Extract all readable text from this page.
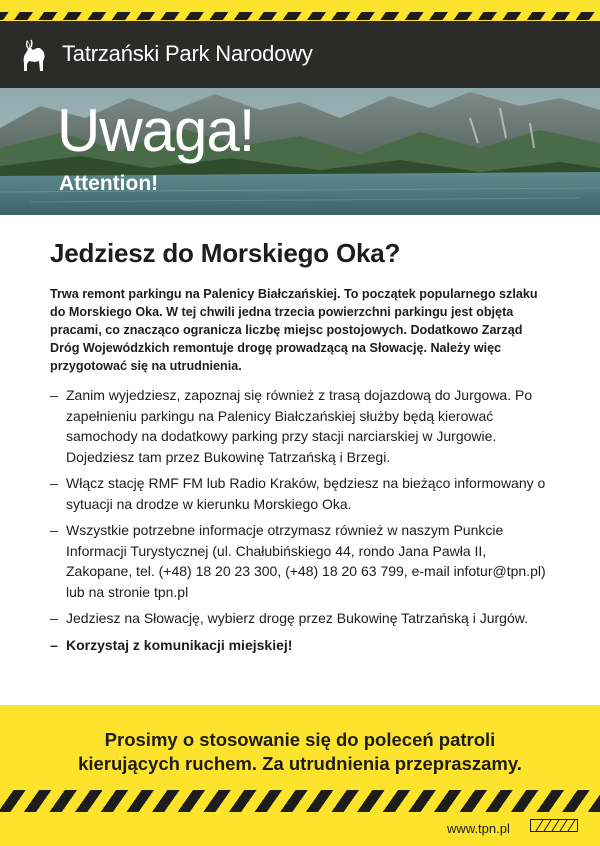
Tatrzański Park Narodowy
Uwaga!
Attention!
Jedziesz do Morskiego Oka?

Trwa remont parkingu na Palenicy Białczańskiej. To początek popularnego szlaku do Morskiego Oka. W tej chwili jedna trzecia powierzchni parkingu jest objęta pracami, co znacząco ogranicza liczbę miejsc postojowych. Dodatkowo Zarząd Dróg Wojewódzkich remontuje drogę prowadzącą na Słowację. Należy więc przygotować się na utrudnienia.

– Zanim wyjedziesz, zapoznaj się również z trasą dojazdową do Jurgowa. Po zapełnieniu parkingu na Palenicy Białczańskiej służby będą kierować samochody na dodatkowy parking przy stacji narciarskiej w Jurgowie. Dojedziesz tam przez Bukowinę Tatrzańską i Brzegi.
– Włącz stację RMF FM lub Radio Kraków, będziesz na bieżąco informowany o sytuacji na drodze w kierunku Morskiego Oka.
– Wszystkie potrzebne informacje otrzymasz również w naszym Punkcie Informacji Turystycznej (ul. Chałubińskiego 44, rondo Jana Pawła II, Zakopane, tel. (+48) 18 20 23 300, (+48) 18 20 63 799, e-mail infotur@tpn.pl) lub na stronie tpn.pl
– Jedziesz na Słowację, wybierz drogę przez Bukowinę Tatrzańską i Jurgów.
– Korzystaj z komunikacji miejskiej!
Prosimy o stosowanie się do poleceń patroli
kierujących ruchem. Za utrudnienia przepraszamy.
www.tpn.pl
